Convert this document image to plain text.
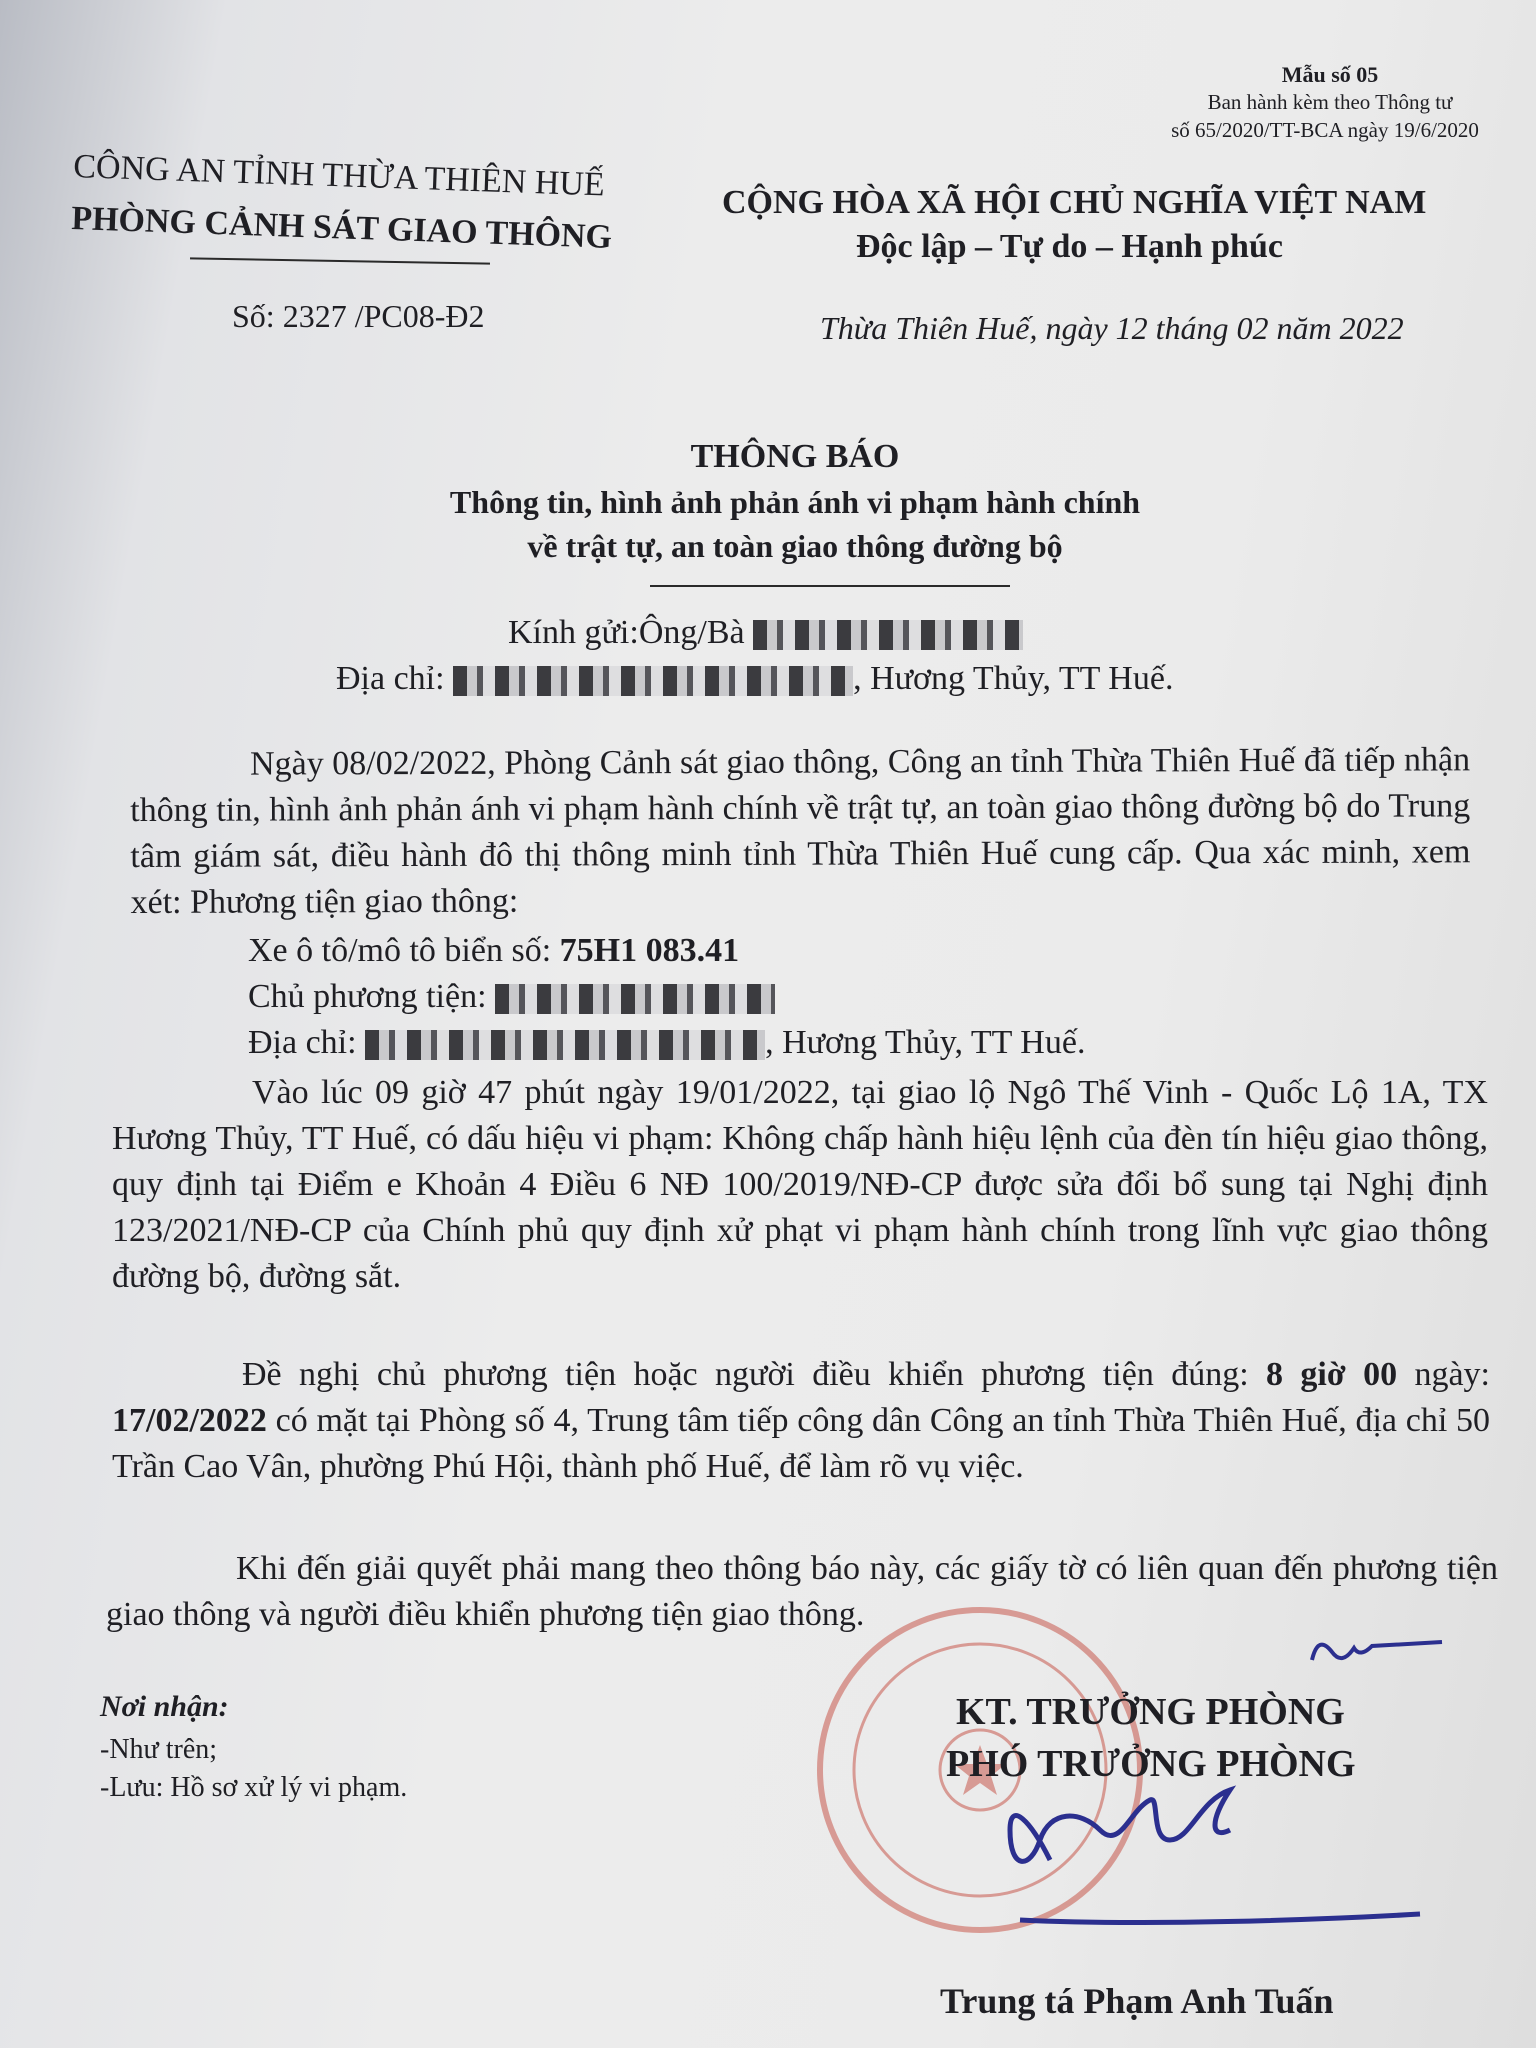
Mẫu số 05
Ban hành kèm theo Thông tư
số 65/2020/TT-BCA ngày 19/6/2020
CÔNG AN TỈNH THỪA THIÊN HUẾ
PHÒNG CẢNH SÁT GIAO THÔNG
Số: 2327 /PC08-Đ2
CỘNG HÒA XÃ HỘI CHỦ NGHĨA VIỆT NAM
Độc lập – Tự do – Hạnh phúc
Thừa Thiên Huế, ngày 12 tháng 02 năm 2022
THÔNG BÁO
Thông tin, hình ảnh phản ánh vi phạm hành chính
về trật tự, an toàn giao thông đường bộ
Kính gửi:Ông/Bà
Địa chỉ:	, Hương Thủy, TT Huế.
Ngày 08/02/2022, Phòng Cảnh sát giao thông, Công an tỉnh Thừa Thiên Huế đã tiếp nhận thông tin, hình ảnh phản ánh vi phạm hành chính về trật tự, an toàn giao thông đường bộ do Trung tâm giám sát, điều hành đô thị thông minh tỉnh Thừa Thiên Huế cung cấp. Qua xác minh, xem xét: Phương tiện giao thông:
Xe ô tô/mô tô biển số: 75H1 083.41
Chủ phương tiện:
Địa chỉ:	, Hương Thủy, TT Huế.
Vào lúc 09 giờ 47 phút ngày 19/01/2022, tại giao lộ Ngô Thế Vinh - Quốc Lộ 1A, TX Hương Thủy, TT Huế, có dấu hiệu vi phạm: Không chấp hành hiệu lệnh của đèn tín hiệu giao thông, quy định tại Điểm e Khoản 4 Điều 6 NĐ 100/2019/NĐ-CP được sửa đổi bổ sung tại Nghị định 123/2021/NĐ-CP của Chính phủ quy định xử phạt vi phạm hành chính trong lĩnh vực giao thông đường bộ, đường sắt.
Đề nghị chủ phương tiện hoặc người điều khiển phương tiện đúng: 8 giờ 00 ngày: 17/02/2022 có mặt tại Phòng số 4, Trung tâm tiếp công dân Công an tỉnh Thừa Thiên Huế, địa chỉ 50 Trần Cao Vân, phường Phú Hội, thành phố Huế, để làm rõ vụ việc.
Khi đến giải quyết phải mang theo thông báo này, các giấy tờ có liên quan đến phương tiện giao thông và người điều khiển phương tiện giao thông.
Nơi nhận:
-Như trên;
-Lưu: Hồ sơ xử lý vi phạm.
KT. TRƯỞNG PHÒNG
PHÓ TRƯỞNG PHÒNG
Trung tá Phạm Anh Tuấn
